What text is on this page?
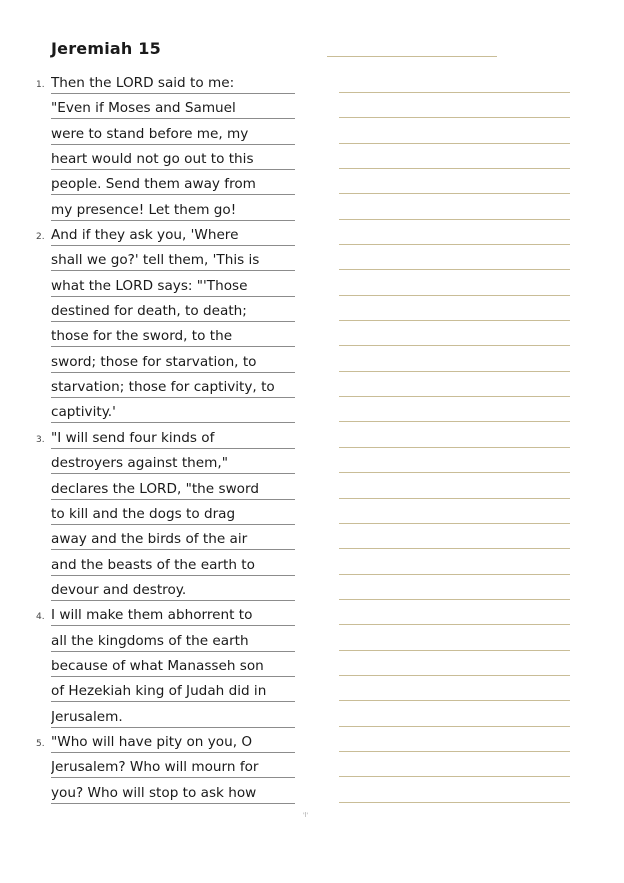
Jeremiah 15
1. Then the LORD said to me:
"Even if Moses and Samuel
were to stand before me, my
heart would not go out to this
people. Send them away from
my presence! Let them go!
2. And if they ask you, 'Where
shall we go?' tell them, 'This is
what the LORD says: "'Those
destined for death, to death;
those for the sword, to the
sword; those for starvation, to
starvation; those for captivity, to
captivity.'
3. "I will send four kinds of
destroyers against them,"
declares the LORD, "the sword
to kill and the dogs to drag
away and the birds of the air
and the beasts of the earth to
devour and destroy.
4. I will make them abhorrent to
all the kingdoms of the earth
because of what Manasseh son
of Hezekiah king of Judah did in
Jerusalem.
5. "Who will have pity on you, O
Jerusalem? Who will mourn for
you? Who will stop to ask how
'l'
